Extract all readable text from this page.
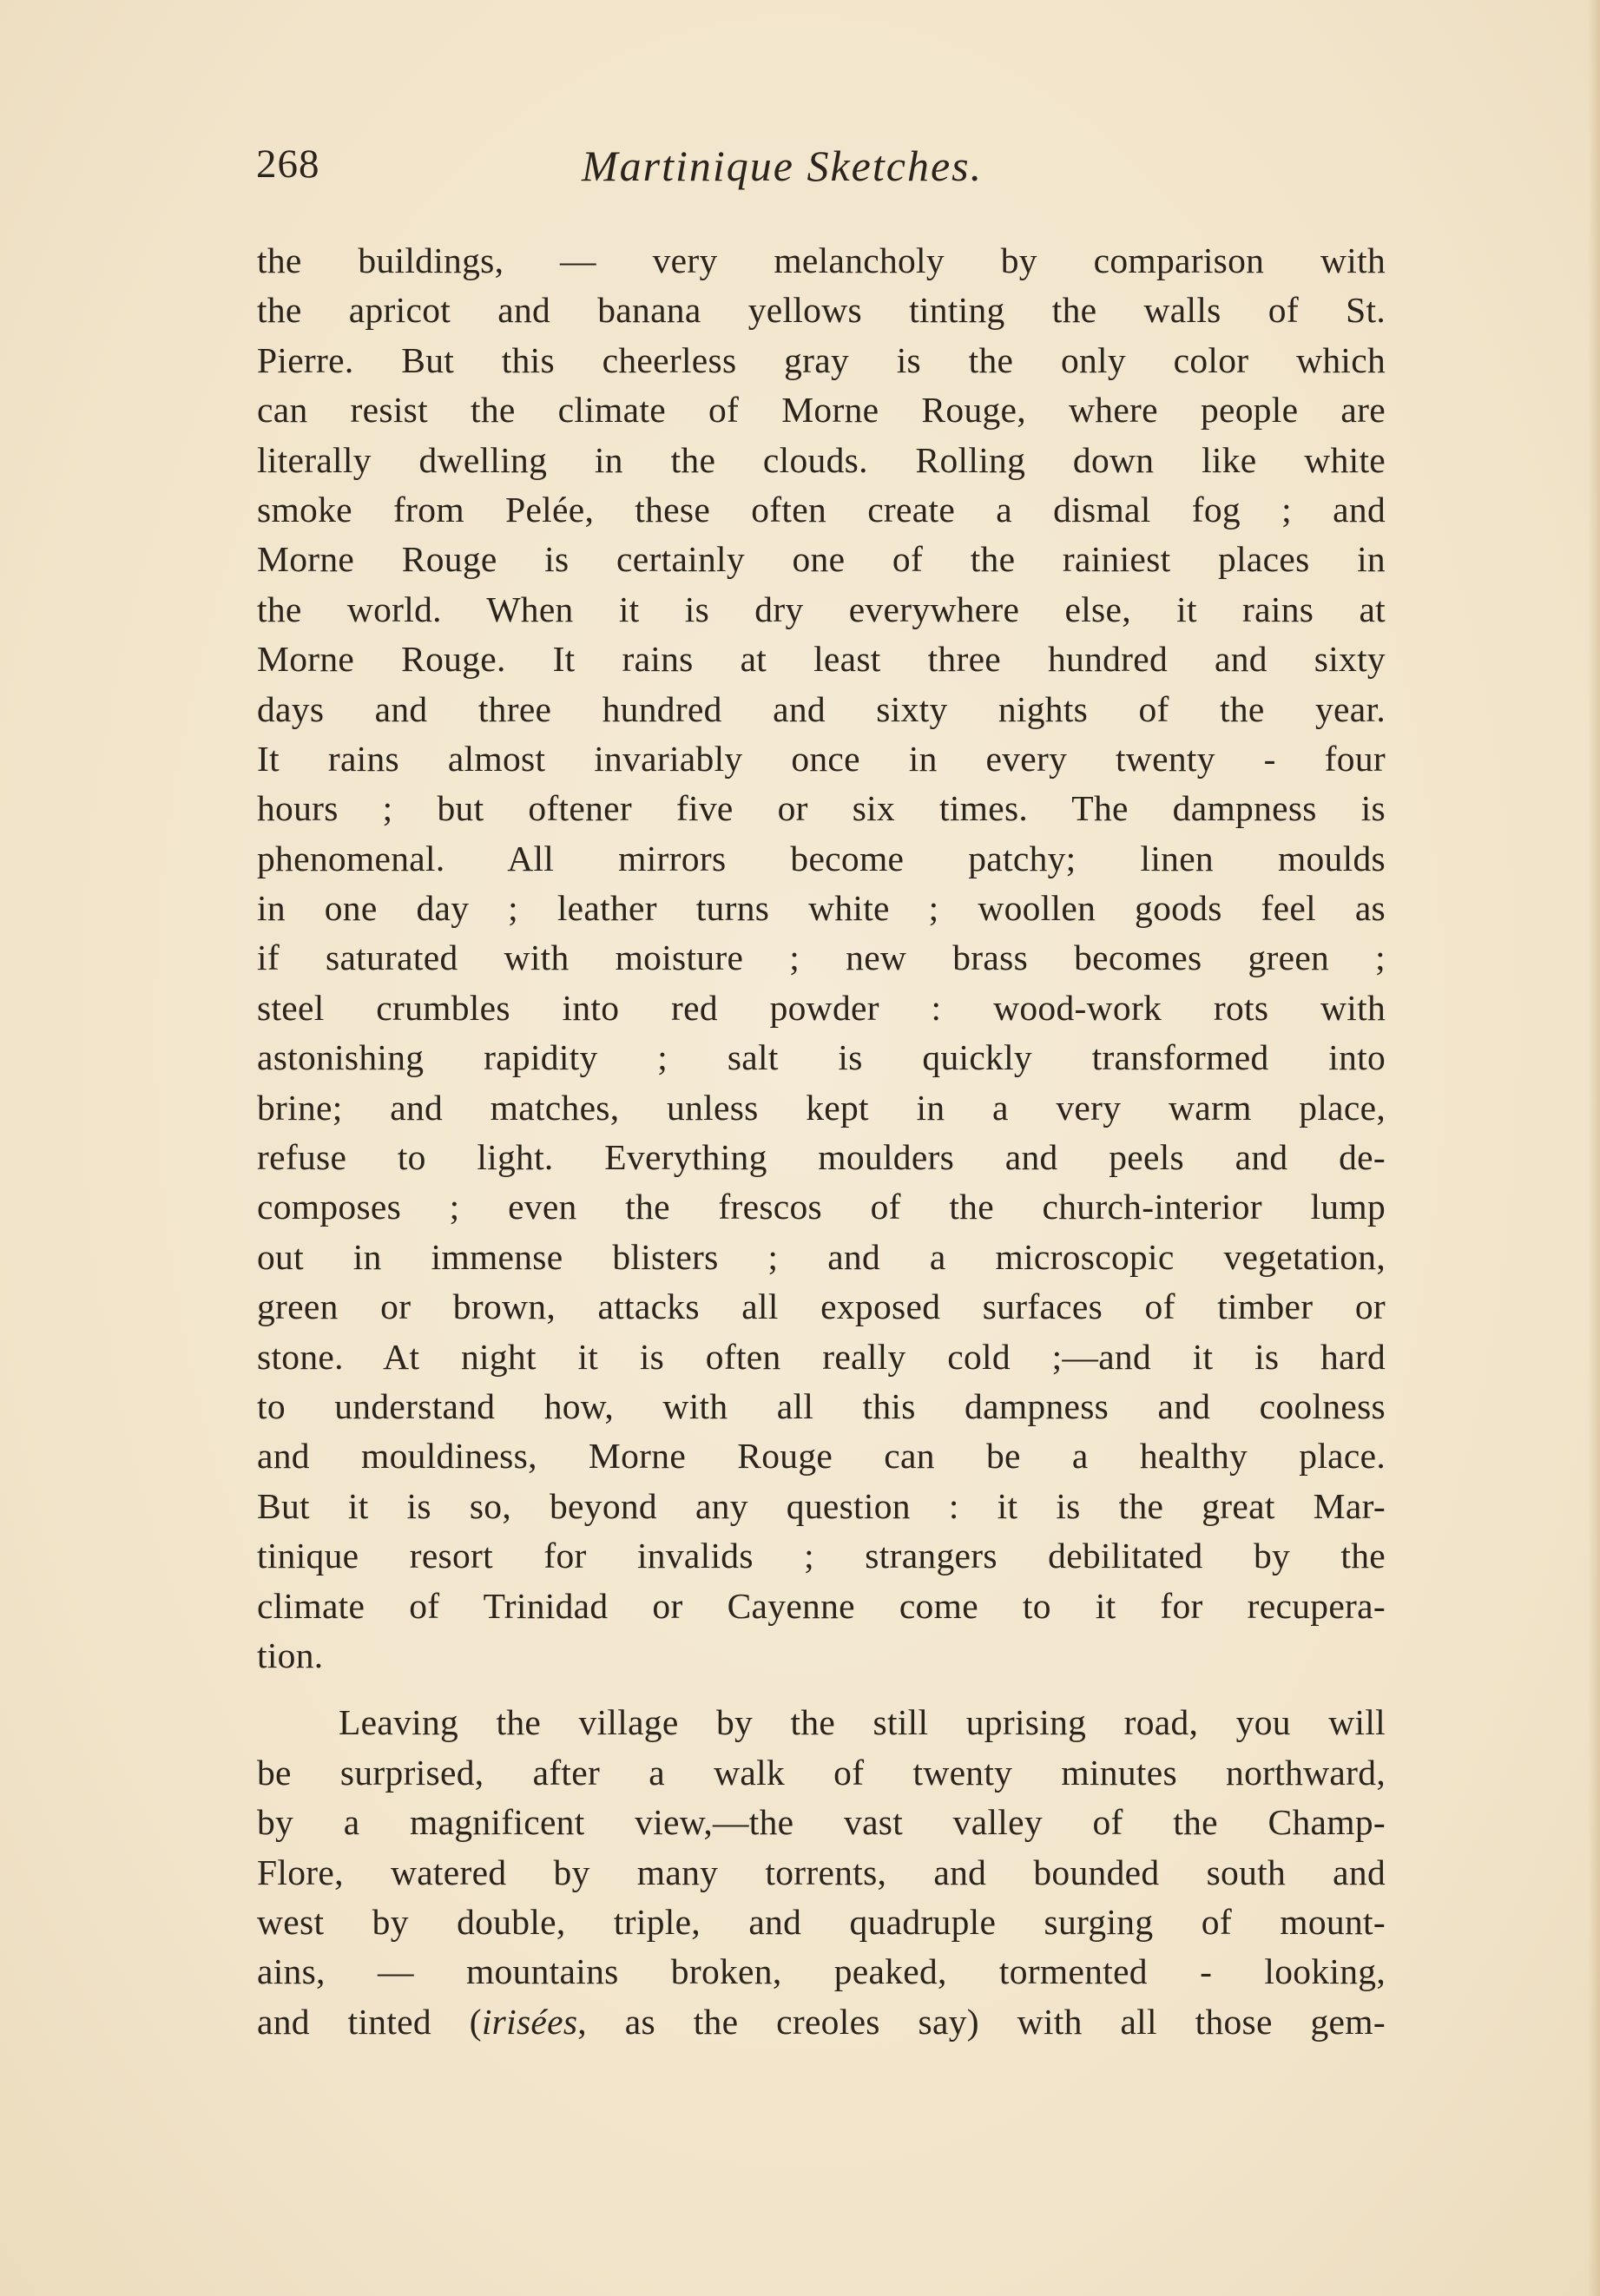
268	Martinique Sketches.
the buildings, — very melancholy by comparison with
the apricot and banana yellows tinting the walls of St.
Pierre. But this cheerless gray is the only color which
can resist the climate of Morne Rouge, where people are
literally dwelling in the clouds. Rolling down like white
smoke from Pelée, these often create a dismal fog ; and
Morne Rouge is certainly one of the rainiest places in
the world. When it is dry everywhere else, it rains at
Morne Rouge. It rains at least three hundred and sixty
days and three hundred and sixty nights of the year.
It rains almost invariably once in every twenty - four
hours ; but oftener five or six times. The dampness is
phenomenal. All mirrors become patchy; linen moulds
in one day ; leather turns white ; woollen goods feel as
if saturated with moisture ; new brass becomes green ;
steel crumbles into red powder : wood-work rots with
astonishing rapidity ; salt is quickly transformed into
brine; and matches, unless kept in a very warm place,
refuse to light. Everything moulders and peels and de-
composes ; even the frescos of the church-interior lump
out in immense blisters ; and a microscopic vegetation,
green or brown, attacks all exposed surfaces of timber or
stone. At night it is often really cold ;—and it is hard
to understand how, with all this dampness and coolness
and mouldiness, Morne Rouge can be a healthy place.
But it is so, beyond any question : it is the great Mar-
tinique resort for invalids ; strangers debilitated by the
climate of Trinidad or Cayenne come to it for recupera-
tion.
Leaving the village by the still uprising road, you will
be surprised, after a walk of twenty minutes northward,
by a magnificent view,—the vast valley of the Champ-
Flore, watered by many torrents, and bounded south and
west by double, triple, and quadruple surging of mount-
ains, — mountains broken, peaked, tormented - looking,
and tinted (irisées, as the creoles say) with all those gem-
